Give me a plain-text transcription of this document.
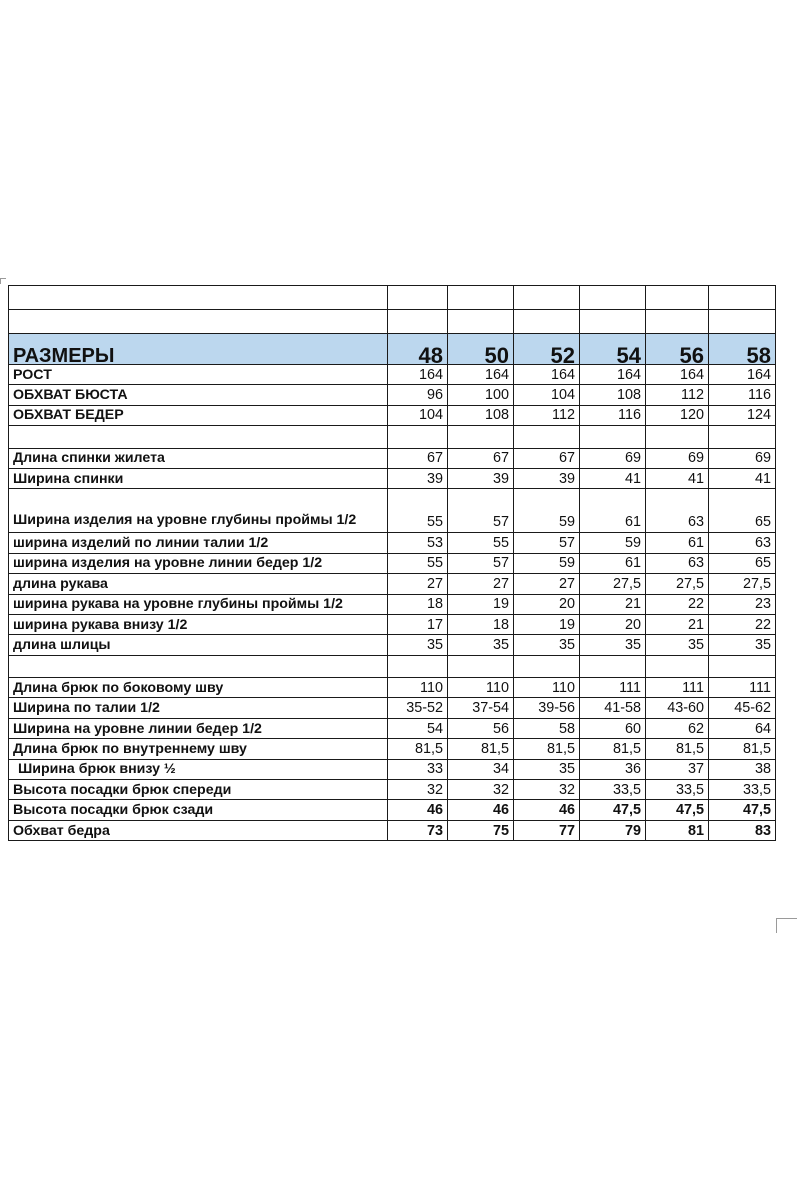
РАЗМЕРЫ	48	50	52	54	56	58
РОСТ	164	164	164	164	164	164
ОБХВАТ БЮСТА	96	100	104	108	112	116
ОБХВАТ БЕДЕР	104	108	112	116	120	124

Длина спинки жилета	67	67	67	69	69	69
Ширина спинки	39	39	39	41	41	41
Ширина изделия на уровне глубины проймы 1/2	55	57	59	61	63	65
ширина изделий по линии талии 1/2	53	55	57	59	61	63
ширина изделия на уровне линии бедер 1/2	55	57	59	61	63	65
длина рукава	27	27	27	27,5	27,5	27,5
ширина рукава на уровне глубины проймы 1/2	18	19	20	21	22	23
ширина рукава внизу 1/2	17	18	19	20	21	22
длина шлицы	35	35	35	35	35	35

Длина брюк по боковому шву	110	110	110	111	111	111
Ширина по талии 1/2	35-52	37-54	39-56	41-58	43-60	45-62
Ширина на уровне линии бедер 1/2	54	56	58	60	62	64
Длина брюк по внутреннему шву	81,5	81,5	81,5	81,5	81,5	81,5
Ширина брюк внизу ½	33	34	35	36	37	38
Высота посадки брюк спереди	32	32	32	33,5	33,5	33,5
Высота посадки брюк сзади	46	46	46	47,5	47,5	47,5
Обхват бедра	73	75	77	79	81	83
